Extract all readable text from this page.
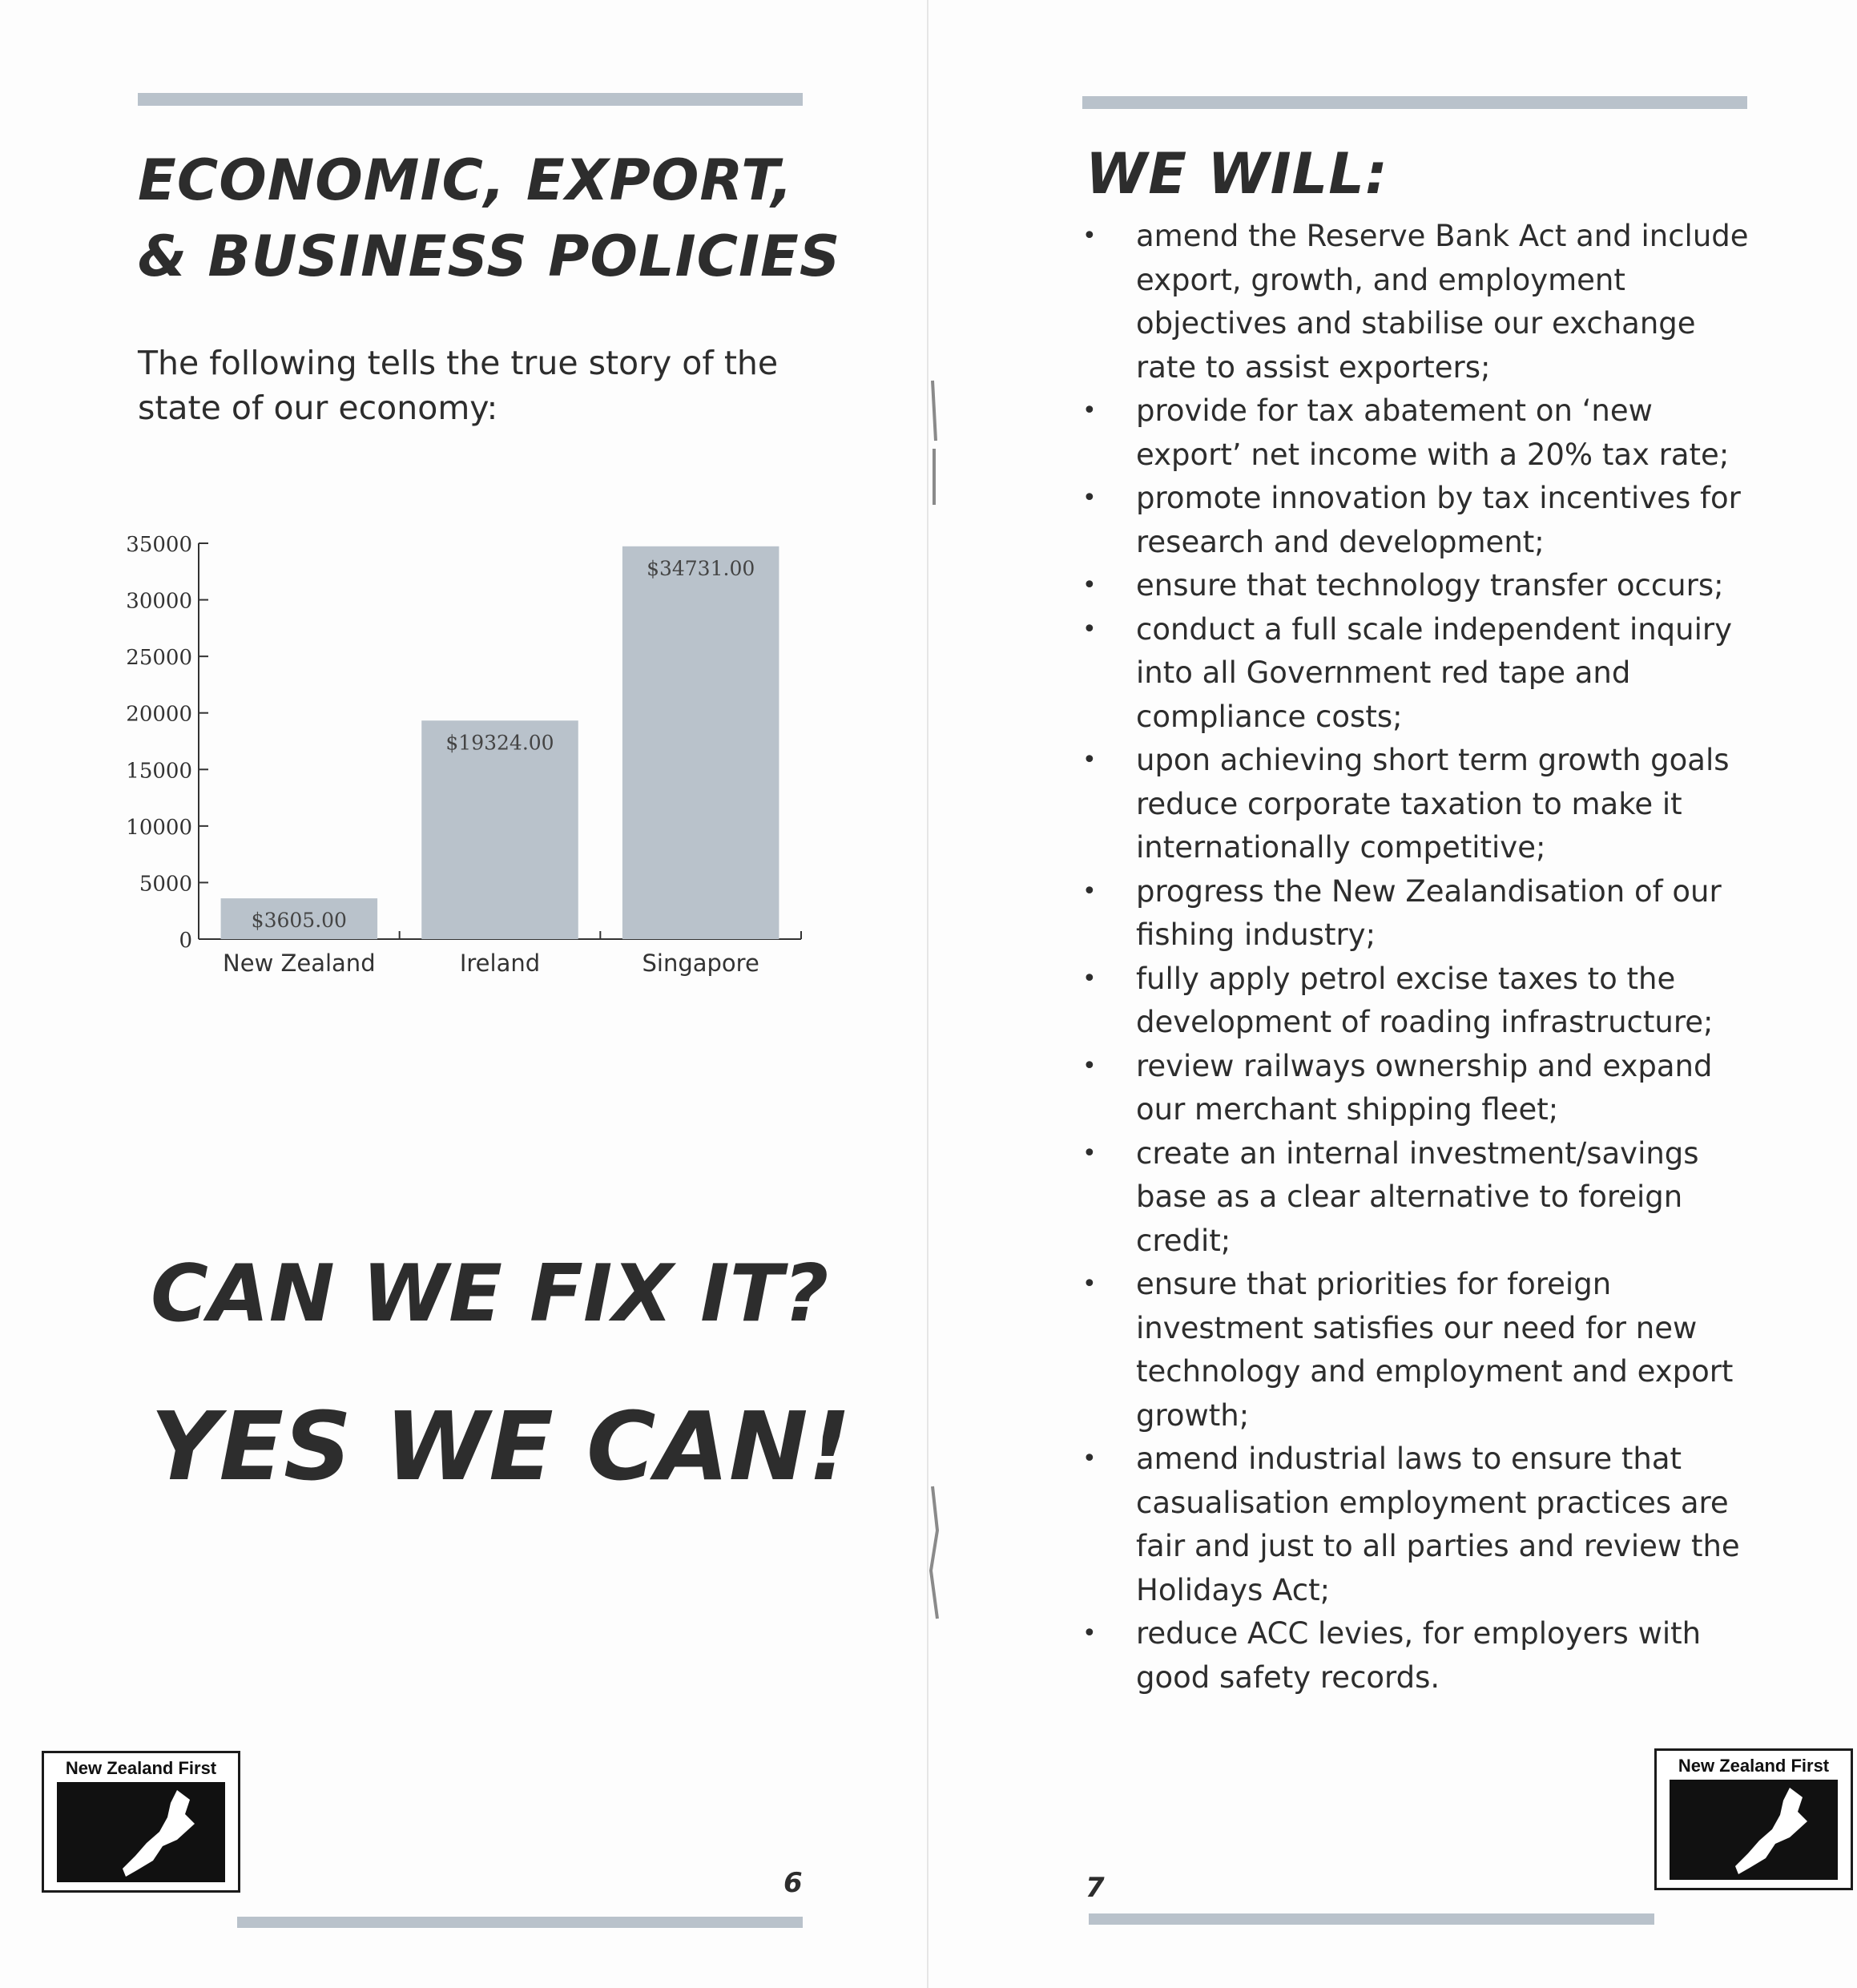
ECONOMIC, EXPORT,
& BUSINESS POLICIES

The following tells the true story of the
state of our economy:

0
5000
10000
15000
20000
25000
30000
35000
$3605.00
New Zealand
$19324.00
Ireland
$34731.00
Singapore
CAN WE FIX IT?
YES WE CAN!
New Zealand First

6

WE WILL:
• amend the Reserve Bank Act and include export, growth, and employment objectives and stabilise our exchange rate to assist exporters;
• provide for tax abatement on ‘new export’ net income with a 20% tax rate;
• promote innovation by tax incentives for research and development;
• ensure that technology transfer occurs;
• conduct a full scale independent inquiry into all Government red tape and compliance costs;
• upon achieving short term growth goals reduce corporate taxation to make it internationally competitive;
• progress the New Zealandisation of our fishing industry;
• fully apply petrol excise taxes to the development of roading infrastructure;
• review railways ownership and expand our merchant shipping fleet;
• create an internal investment/savings base as a clear alternative to foreign credit;
• ensure that priorities for foreign investment satisfies our need for new technology and employment and export growth;
• amend industrial laws to ensure that casualisation employment practices are fair and just to all parties and review the Holidays Act;
• reduce ACC levies, for employers with good safety records.
New Zealand First

7
